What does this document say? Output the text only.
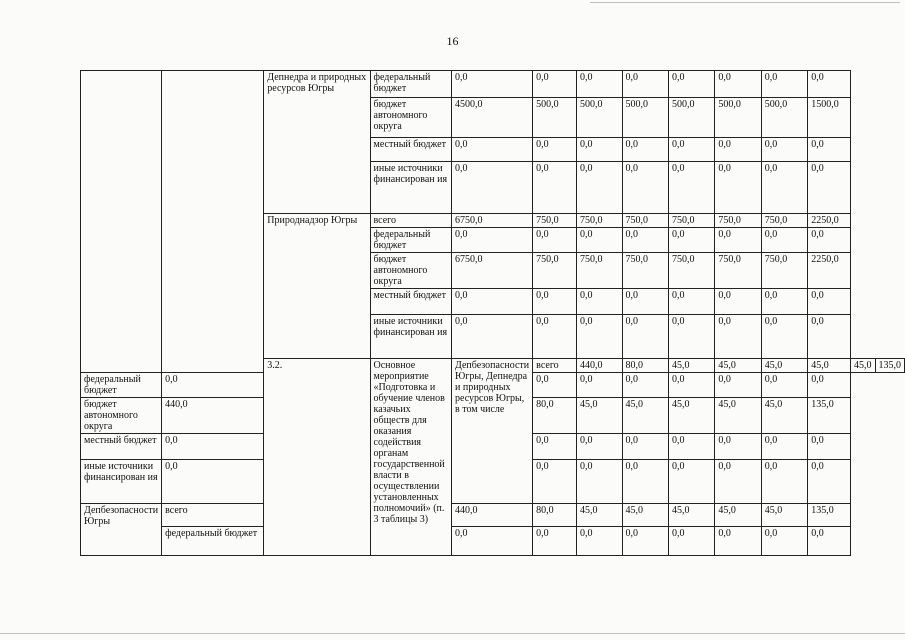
16
		Депнедра и природных ресурсов Югры	федеральный бюджет	0,0	0,0	0,0	0,0	0,0	0,0	0,0	0,0		
			бюджет автономного округа	4500,0	500,0	500,0	500,0	500,0	500,0	500,0	1500,0		
			местный бюджет	0,0	0,0	0,0	0,0	0,0	0,0	0,0	0,0		
			иные источники финансирован ия	0,0	0,0	0,0	0,0	0,0	0,0	0,0	0,0		
		Природнадзор Югры	всего	6750,0	750,0	750,0	750,0	750,0	750,0	750,0	2250,0		
			федеральный бюджет	0,0	0,0	0,0	0,0	0,0	0,0	0,0	0,0		
			бюджет автономного округа	6750,0	750,0	750,0	750,0	750,0	750,0	750,0	2250,0		
			местный бюджет	0,0	0,0	0,0	0,0	0,0	0,0	0,0	0,0		
			иные источники финансирован ия	0,0	0,0	0,0	0,0	0,0	0,0	0,0	0,0		
		3.2.	Основное мероприятие «Подготовка и обучение членов казачьих обществ для оказания содействия органам государственной власти в осуществлении установленных полномочий» (п. 3 таблицы 3)	Депбезопасности Югры, Депнедра и природных ресурсов Югры, в том числе	всего	440,0	80,0	45,0	45,0	45,0	45,0	45,0	135,0
федеральный бюджет	0,0				0,0	0,0	0,0	0,0	0,0	0,0	0,0		
бюджет автономного округа	440,0				80,0	45,0	45,0	45,0	45,0	45,0	135,0		
местный бюджет	0,0				0,0	0,0	0,0	0,0	0,0	0,0	0,0		
иные источники финансирован ия	0,0				0,0	0,0	0,0	0,0	0,0	0,0	0,0		
Депбезопасности Югры	всего			440,0	80,0	45,0	45,0	45,0	45,0	45,0	135,0		
	федеральный бюджет			0,0	0,0	0,0	0,0	0,0	0,0	0,0	0,0		
